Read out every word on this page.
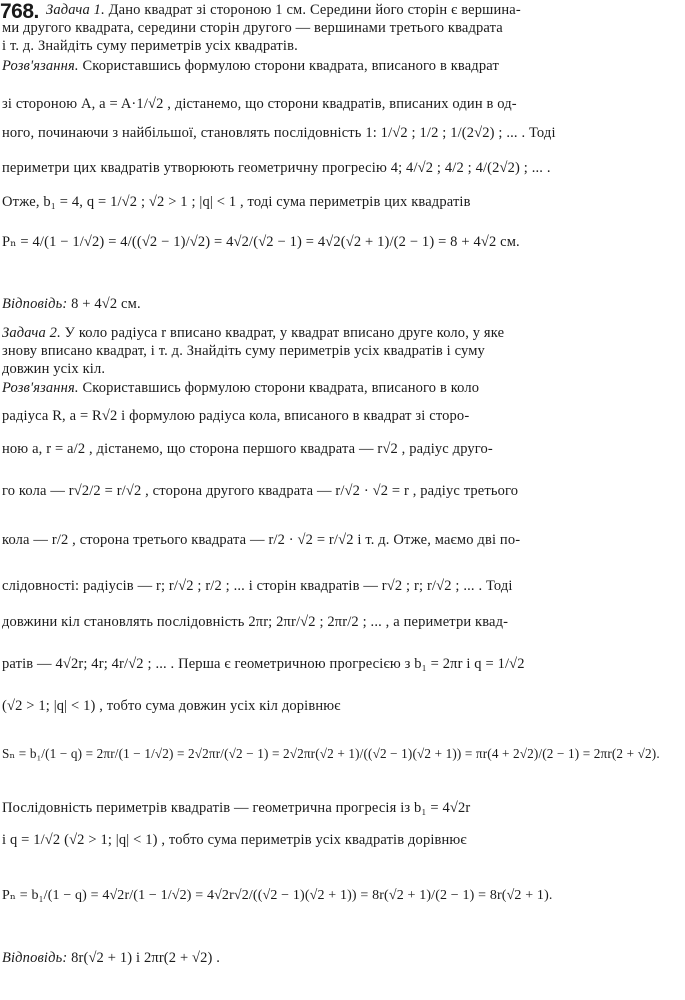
768. Задача 1. Дано квадрат зі стороною 1 см. Середини його сторін є вершина-
ми другого квадрата, середини сторін другого — вершинами третього квадрата
і т. д. Знайдіть суму периметрів усіх квадратів.
Розв'язання. Скориставшись формулою сторони квадрата, вписаного в квадрат
зі стороною A, a = A·1/√2 , дістанемо, що сторони квадратів, вписаних один в од-
ного, починаючи з найбільшої, становлять послідовність 1: 1/√2 ; 1/2 ; 1/(2√2) ; ... . Тоді
периметри цих квадратів утворюють геометричну прогресію 4; 4/√2 ; 4/2 ; 4/(2√2) ; ... .
Отже, b₁ = 4, q = 1/√2 ; √2 > 1 ; |q| < 1 , тоді сума периметрів цих квадратів
Pₙ = 4/(1 − 1/√2) = 4/((√2 − 1)/√2) = 4√2/(√2 − 1) = 4√2(√2 + 1)/(2 − 1) = 8 + 4√2 см.
Відповідь: 8 + 4√2 см.
Задача 2. У коло радіуса r вписано квадрат, у квадрат вписано друге коло, у яке
знову вписано квадрат, і т. д. Знайдіть суму периметрів усіх квадратів і суму
довжин усіх кіл.
Розв'язання. Скориставшись формулою сторони квадрата, вписаного в коло
радіуса R, a = R√2 і формулою радіуса кола, вписаного в квадрат зі сторо-
ною a, r = a/2 , дістанемо, що сторона першого квадрата — r√2 , радіус друго-
го кола — r√2/2 = r/√2 , сторона другого квадрата — r/√2 · √2 = r , радіус третього
кола — r/2 , сторона третього квадрата — r/2 · √2 = r/√2 і т. д. Отже, маємо дві по-
слідовності: радіусів — r; r/√2 ; r/2 ; ... і сторін квадратів — r√2 ; r; r/√2 ; ... . Тоді
довжини кіл становлять послідовність 2πr; 2πr/√2 ; 2πr/2 ; ... , а периметри квад-
ратів — 4√2r; 4r; 4r/√2 ; ... . Перша є геометричною прогресією з b₁ = 2πr і q = 1/√2
(√2 > 1; |q| < 1) , тобто сума довжин усіх кіл дорівнює
Sₙ = b₁/(1 − q) = 2πr/(1 − 1/√2) = 2√2πr/(√2 − 1) = 2√2πr(√2 + 1)/((√2 − 1)(√2 + 1)) = πr(4 + 2√2)/(2 − 1) = 2πr(2 + √2).
Послідовність периметрів квадратів — геометрична прогресія із b₁ = 4√2r
і q = 1/√2 (√2 > 1; |q| < 1) , тобто сума периметрів усіх квадратів дорівнює
Pₙ = b₁/(1 − q) = 4√2r/(1 − 1/√2) = 4√2r√2/((√2 − 1)(√2 + 1)) = 8r(√2 + 1)/(2 − 1) = 8r(√2 + 1).
Відповідь: 8r(√2 + 1) і 2πr(2 + √2) .
